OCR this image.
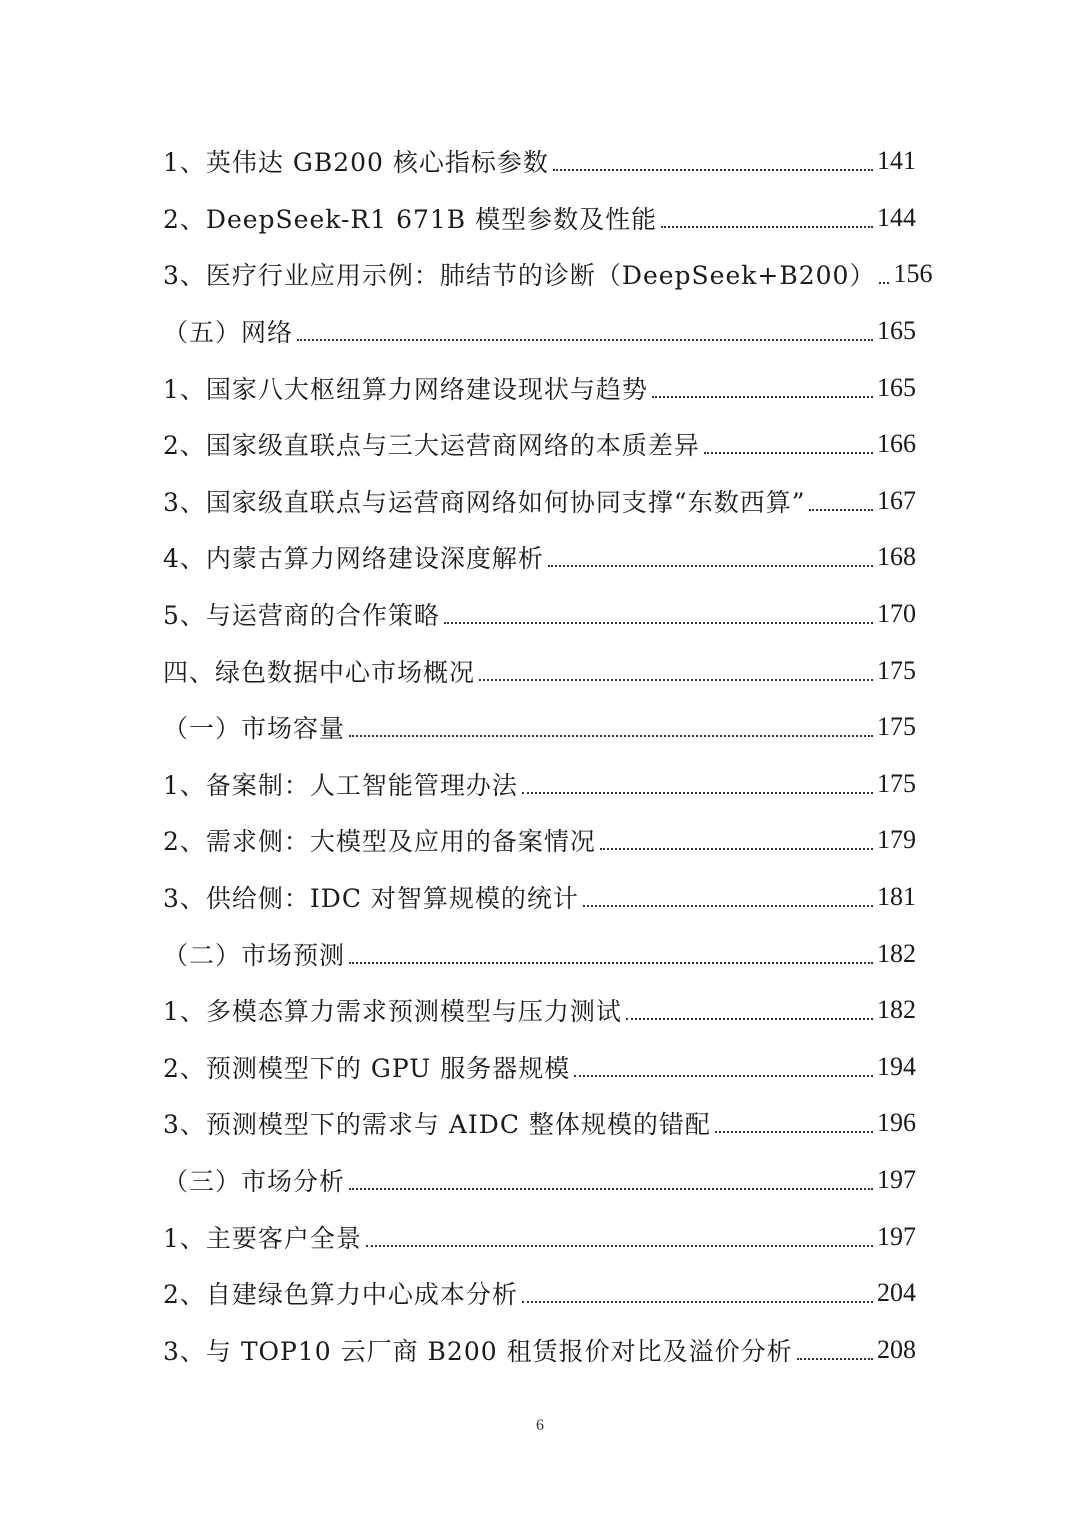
1、英伟达 GB200 核心指标参数	141
2、DeepSeek-R1 671B 模型参数及性能	144
3、医疗行业应用示例：肺结节的诊断（DeepSeek+B200） 156
（五）网络	165
1、国家八大枢纽算力网络建设现状与趋势	165
2、国家级直联点与三大运营商网络的本质差异	166
3、国家级直联点与运营商网络如何协同支撑“东数西算”	167
4、内蒙古算力网络建设深度解析	168
5、与运营商的合作策略	170
四、绿色数据中心市场概况	175
（一）市场容量	175
1、备案制：人工智能管理办法	175
2、需求侧：大模型及应用的备案情况	179
3、供给侧：IDC 对智算规模的统计	181
（二）市场预测	182
1、多模态算力需求预测模型与压力测试	182
2、预测模型下的 GPU 服务器规模	194
3、预测模型下的需求与 AIDC 整体规模的错配	196
（三）市场分析	197
1、主要客户全景	197
2、自建绿色算力中心成本分析	204
3、与 TOP10 云厂商 B200 租赁报价对比及溢价分析	208
6
